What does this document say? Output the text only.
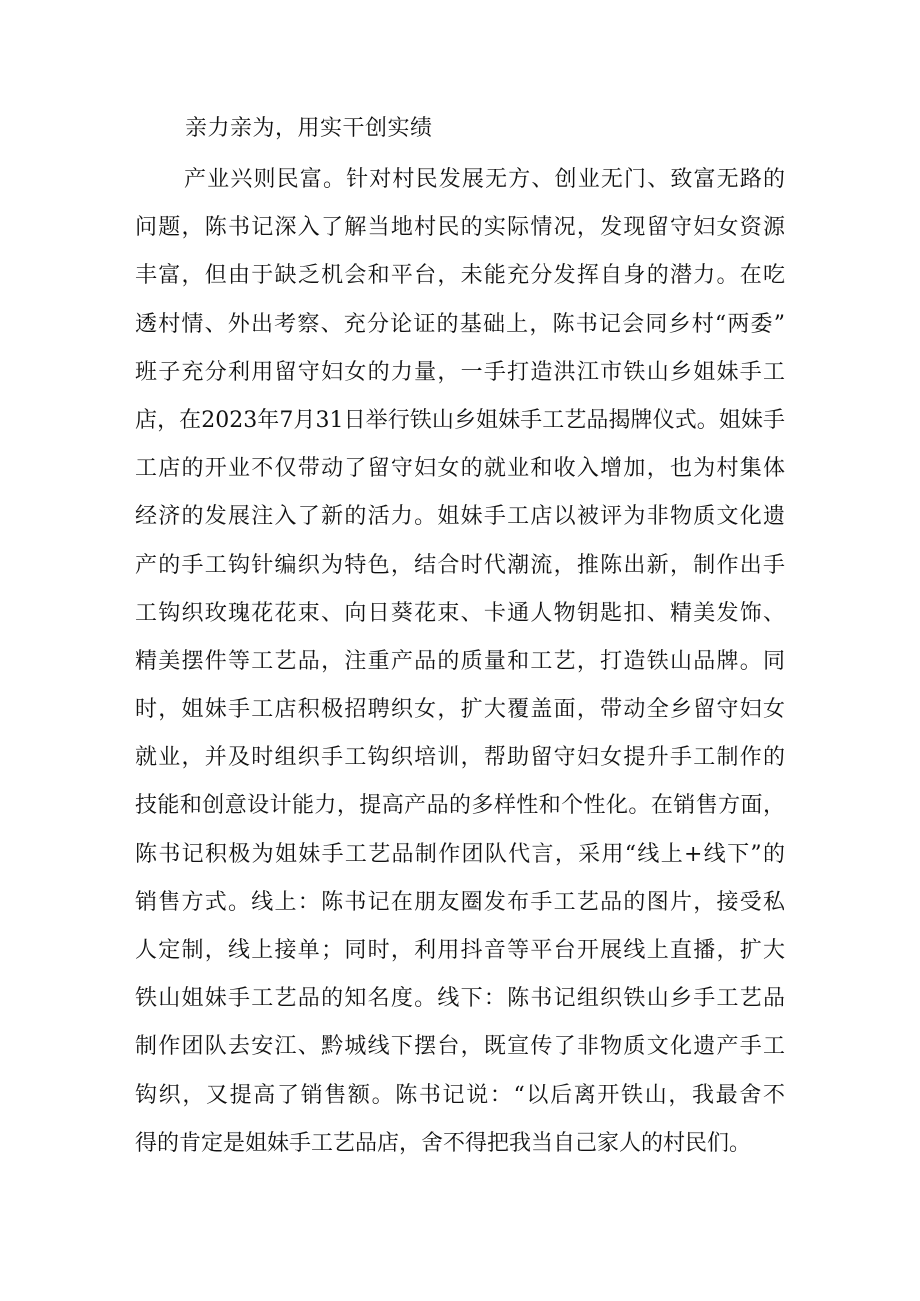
亲力亲为，用实干创实绩

产业兴则民富。针对村民发展无方、创业无门、致富无路的
问题，陈书记深入了解当地村民的实际情况，发现留守妇女资源
丰富，但由于缺乏机会和平台，未能充分发挥自身的潜力。在吃
透村情、外出考察、充分论证的基础上，陈书记会同乡村“两委”
班子充分利用留守妇女的力量，一手打造洪江市铁山乡姐妹手工
店，在2023年7月31日举行铁山乡姐妹手工艺品揭牌仪式。姐妹手
工店的开业不仅带动了留守妇女的就业和收入增加，也为村集体
经济的发展注入了新的活力。姐妹手工店以被评为非物质文化遗
产的手工钩针编织为特色，结合时代潮流，推陈出新，制作出手
工钩织玫瑰花花束、向日葵花束、卡通人物钥匙扣、精美发饰、
精美摆件等工艺品，注重产品的质量和工艺，打造铁山品牌。同
时，姐妹手工店积极招聘织女，扩大覆盖面，带动全乡留守妇女
就业，并及时组织手工钩织培训，帮助留守妇女提升手工制作的
技能和创意设计能力，提高产品的多样性和个性化。在销售方面，
陈书记积极为姐妹手工艺品制作团队代言，采用“线上+线下”的
销售方式。线上：陈书记在朋友圈发布手工艺品的图片，接受私
人定制，线上接单；同时，利用抖音等平台开展线上直播，扩大
铁山姐妹手工艺品的知名度。线下：陈书记组织铁山乡手工艺品
制作团队去安江、黔城线下摆台，既宣传了非物质文化遗产手工
钩织，又提高了销售额。陈书记说：“以后离开铁山，我最舍不
得的肯定是姐妹手工艺品店，舍不得把我当自己家人的村民们。
